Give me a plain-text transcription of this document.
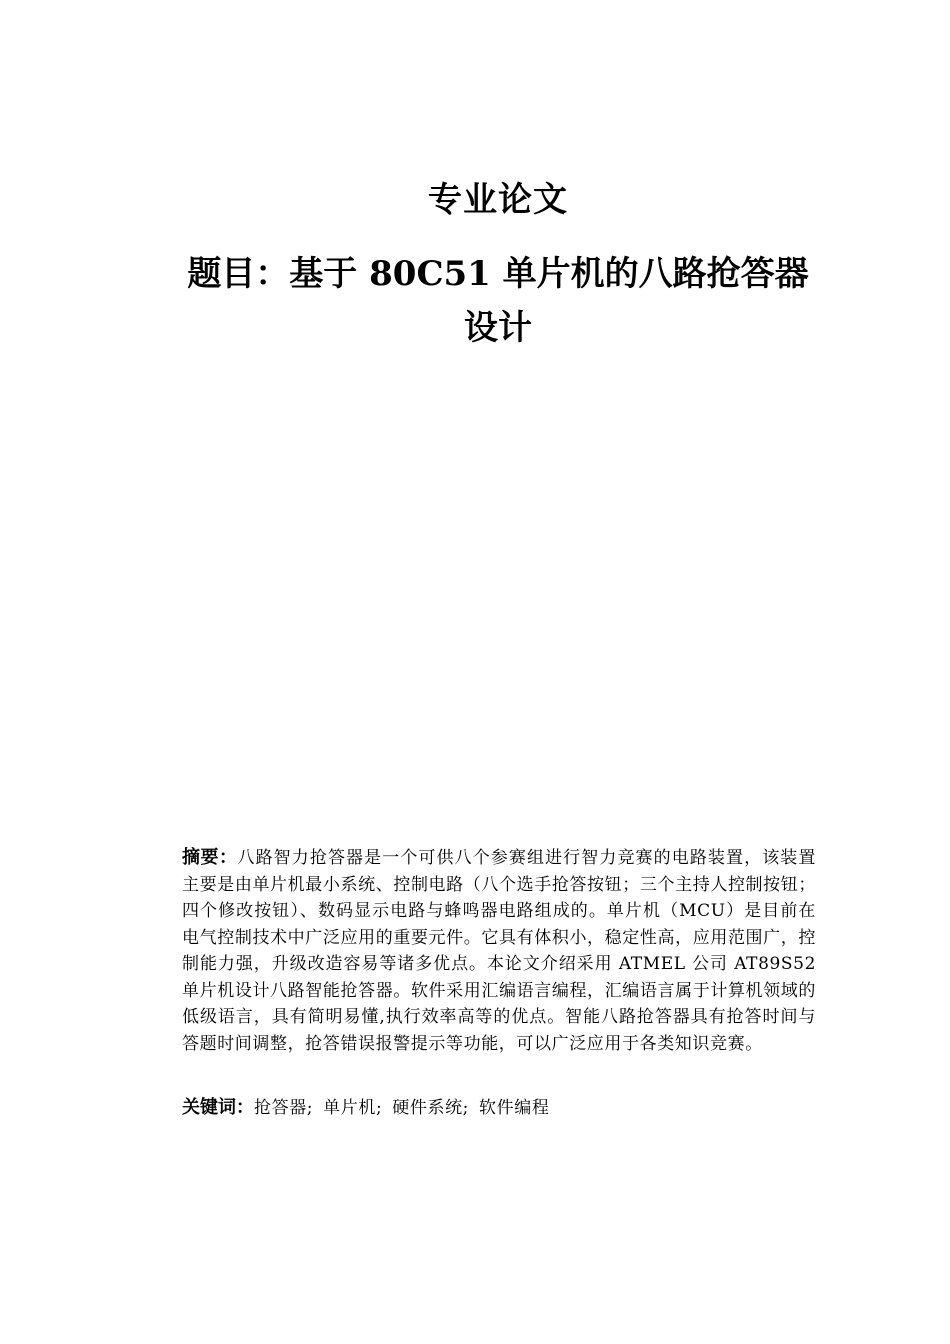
专业论文
题目：基于 80C51 单片机的八路抢答器设计
摘要：八路智力抢答器是一个可供八个参赛组进行智力竞赛的电路装置，该装置主要是由单片机最小系统、控制电路（八个选手抢答按钮；三个主持人控制按钮；四个修改按钮）、数码显示电路与蜂鸣器电路组成的。单片机（MCU）是目前在电气控制技术中广泛应用的重要元件。它具有体积小，稳定性高，应用范围广，控制能力强，升级改造容易等诸多优点。本论文介绍采用 ATMEL 公司 AT89S52 单片机设计八路智能抢答器。软件采用汇编语言编程，汇编语言属于计算机领域的低级语言，具有简明易懂,执行效率高等的优点。智能八路抢答器具有抢答时间与答题时间调整，抢答错误报警提示等功能，可以广泛应用于各类知识竞赛。
关键词：抢答器; 单片机; 硬件系统; 软件编程
